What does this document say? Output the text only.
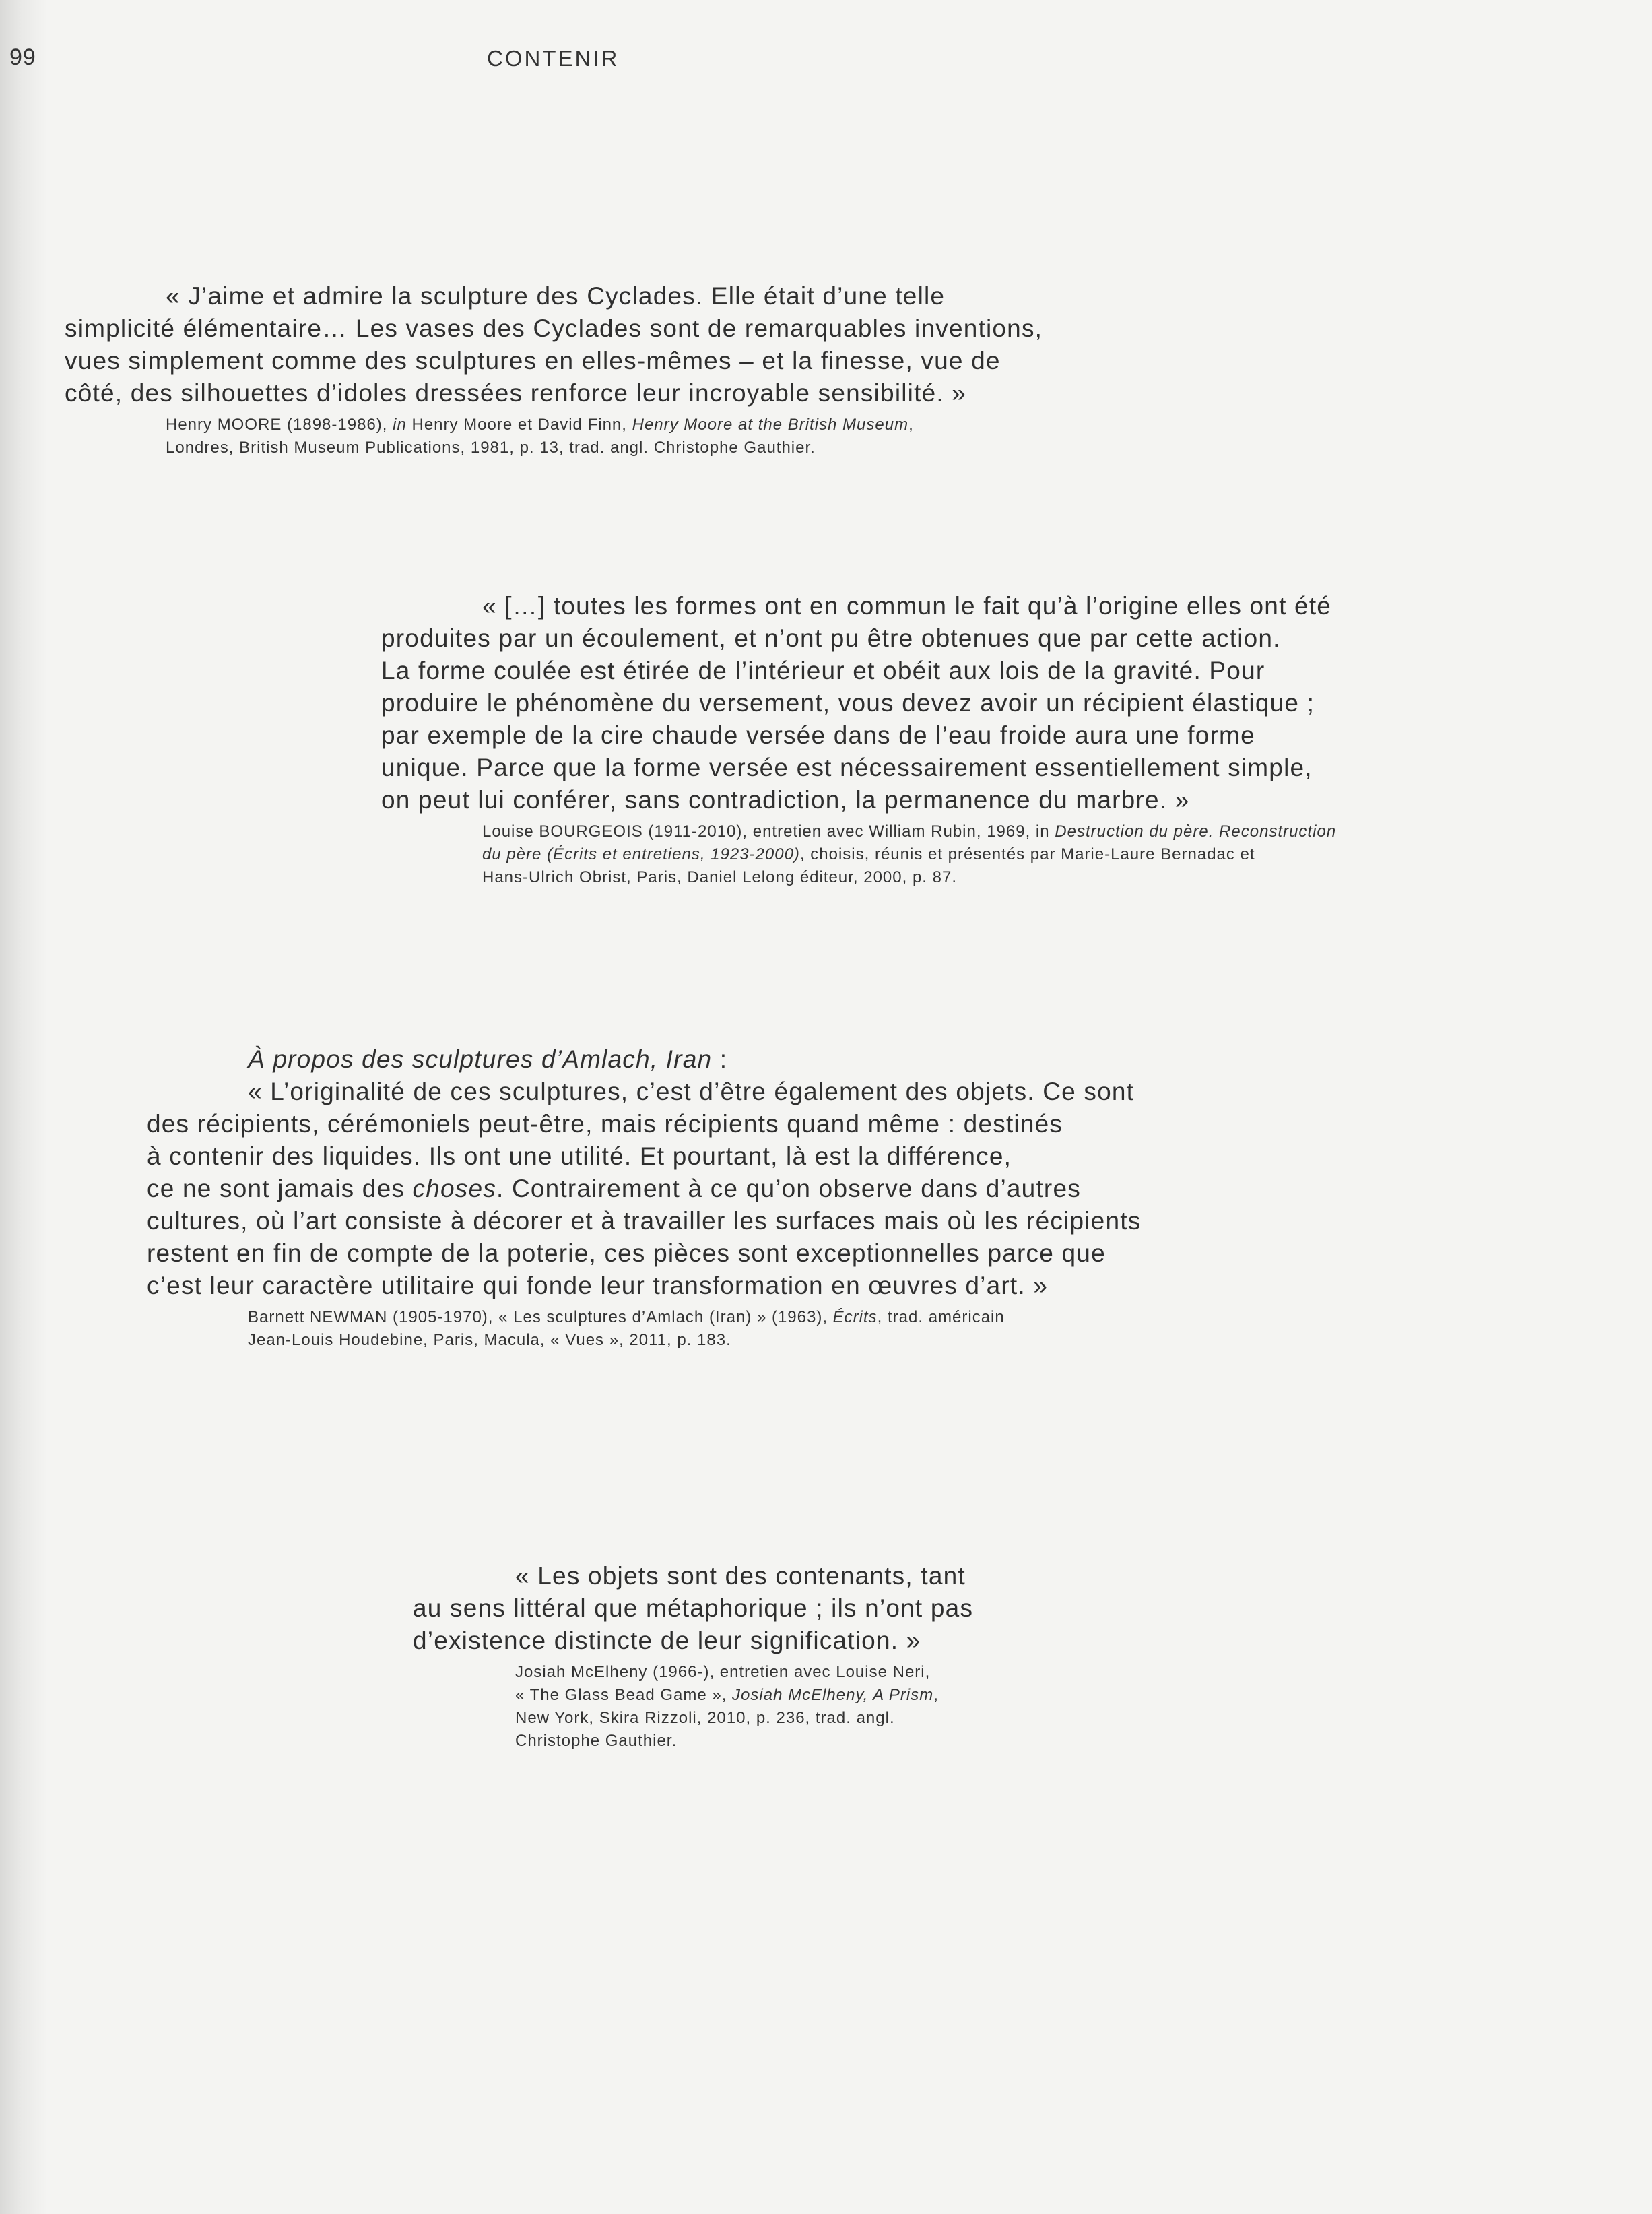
99	CONTENIR
« J’aime et admire la sculpture des Cyclades. Elle était d’une telle
simplicité élémentaire… Les vases des Cyclades sont de remarquables inventions,
vues simplement comme des sculptures en elles-mêmes – et la finesse, vue de
côté, des silhouettes d’idoles dressées renforce leur incroyable sensibilité. »
Henry MOORE (1898-1986), in Henry Moore et David Finn, Henry Moore at the British Museum,
Londres, British Museum Publications, 1981, p. 13, trad. angl. Christophe Gauthier.
« […] toutes les formes ont en commun le fait qu’à l’origine elles ont été
produites par un écoulement, et n’ont pu être obtenues que par cette action.
La forme coulée est étirée de l’intérieur et obéit aux lois de la gravité. Pour
produire le phénomène du versement, vous devez avoir un récipient élastique ;
par exemple de la cire chaude versée dans de l’eau froide aura une forme
unique. Parce que la forme versée est nécessairement essentiellement simple,
on peut lui conférer, sans contradiction, la permanence du marbre. »
Louise BOURGEOIS (1911-2010), entretien avec William Rubin, 1969, in Destruction du père. Reconstruction
du père (Écrits et entretiens, 1923-2000), choisis, réunis et présentés par Marie-Laure Bernadac et
Hans-Ulrich Obrist, Paris, Daniel Lelong éditeur, 2000, p. 87.
À propos des sculptures d’Amlach, Iran :
« L’originalité de ces sculptures, c’est d’être également des objets. Ce sont
des récipients, cérémoniels peut-être, mais récipients quand même : destinés
à contenir des liquides. Ils ont une utilité. Et pourtant, là est la différence,
ce ne sont jamais des choses. Contrairement à ce qu’on observe dans d’autres
cultures, où l’art consiste à décorer et à travailler les surfaces mais où les récipients
restent en fin de compte de la poterie, ces pièces sont exceptionnelles parce que
c’est leur caractère utilitaire qui fonde leur transformation en œuvres d’art. »
Barnett NEWMAN (1905-1970), « Les sculptures d’Amlach (Iran) » (1963), Écrits, trad. américain
Jean-Louis Houdebine, Paris, Macula, « Vues », 2011, p. 183.
« Les objets sont des contenants, tant
au sens littéral que métaphorique ; ils n’ont pas
d’existence distincte de leur signification. »
Josiah McElheny (1966-), entretien avec Louise Neri,
« The Glass Bead Game », Josiah McElheny, A Prism,
New York, Skira Rizzoli, 2010, p. 236, trad. angl.
Christophe Gauthier.
